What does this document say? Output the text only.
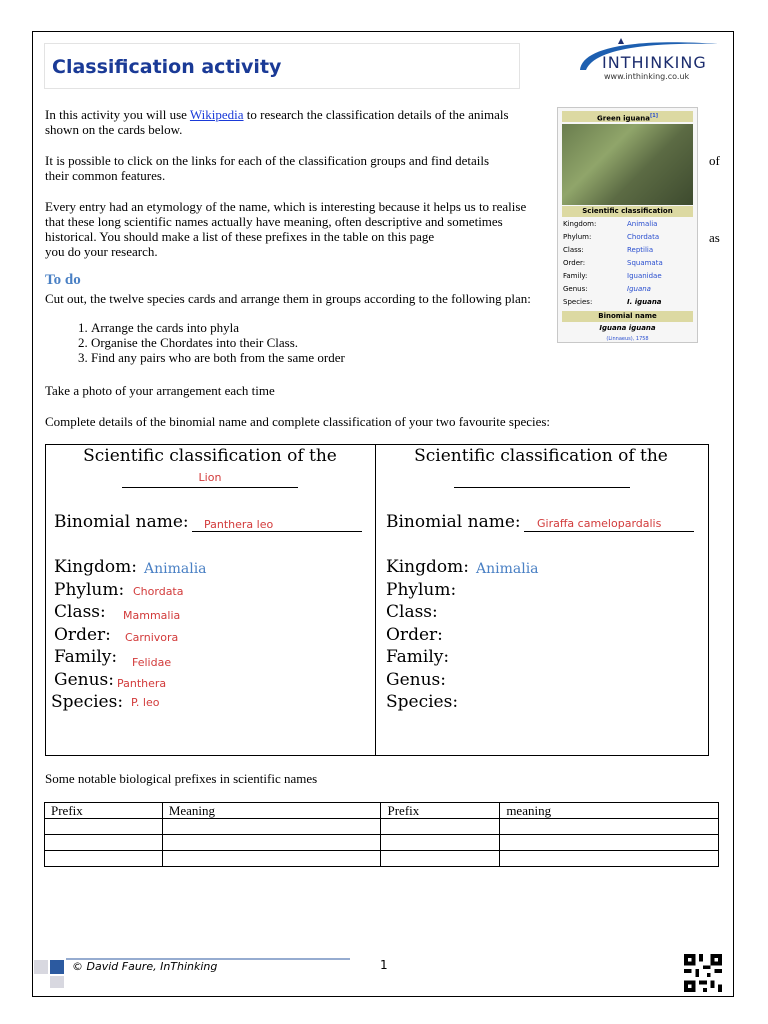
Classification activity	INTHINKING
www.inthinking.co.uk
In this activity you will use Wikipedia to research the classification details of the animals shown on the cards below.
It is possible to click on the links for each of the classification groups and find details
their common features.
of
Every entry had an etymology of the name, which is interesting because it helps us to realise that these long scientific names actually have meaning, often descriptive and sometimes historical. You should make a list of these prefixes in the table on this page
you do your research.
as
To do
Cut out, the twelve species cards and arrange them in groups according to the following plan:
1. Arrange the cards into phyla
2. Organise the Chordates into their Class.
3. Find any pairs who are both from the same order
Take a photo of your arrangement each time
Complete details of the binomial name and complete classification of your two favourite species:
Green iguana[1]
Scientific classification
Kingdom:	Animalia
Phylum:	Chordata
Class:	Reptilia
Order:	Squamata
Family:	Iguanidae
Genus:	Iguana
Species:	I. iguana
Binomial name
Iguana iguana
(Linnaeus), 1758
Scientific classification of the
Lion
Scientific classification of the
Binomial name: Panthera leo	Binomial name: Giraffa camelopardalis
Kingdom: Animalia
Phylum: Chordata
Class: Mammalia
Order: Carnivora
Family: Felidae
Genus: Panthera
Species: P. leo
Kingdom: Animalia
Phylum:
Class:
Order:
Family:
Genus:
Species:
Some notable biological prefixes in scientific names
Prefix	Meaning	Prefix	meaning

© David Faure, InThinking	1
